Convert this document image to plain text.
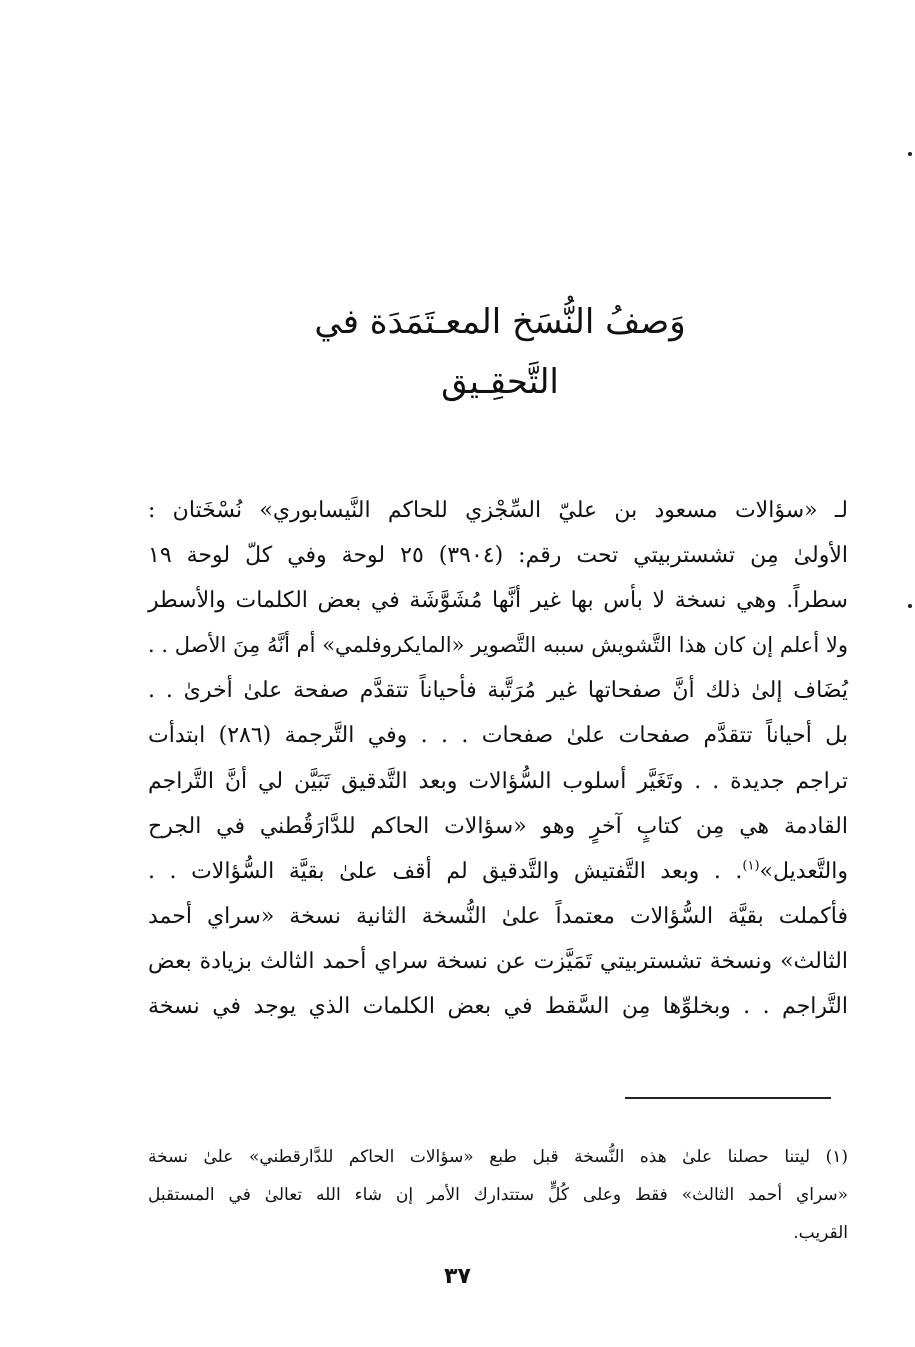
وَصفُ النُّسَخ المعـتَمَدَة في التَّحقِـيق
لـ «سؤالات مسعود بن عليّ السِّجْزي للحاكم النَّيسابوري» نُسْخَتان :
الأولىٰ مِن تشستربيتي تحت رقم: (٣٩٠٤) ٢٥ لوحة وفي كلّ لوحة ١٩
سطراً. وهي نسخة لا بأس بها غير أنَّها مُشَوَّشَة في بعض الكلمات والأسطر
ولا أعلم إن كان هذا التَّشويش سببه التَّصوير «المايكروفلمي» أم أنَّهُ مِنَ الأصل . .
يُضَاف إلىٰ ذلك أنَّ صفحاتها غير مُرَتَّبة فأحياناً تتقدَّم صفحة علىٰ أخرىٰ . .
بل أحياناً تتقدَّم صفحات علىٰ صفحات . . . وفي التَّرجمة (٢٨٦) ابتدأت
تراجم جديدة . . وتَغَيَّر أسلوب السُّؤالات وبعد التَّدقيق تَبَيَّن لي أنَّ التَّراجم
القادمة هي مِن كتابٍ آخرٍ وهو «سؤالات الحاكم للدَّارَقُطني في الجرح
والتَّعديل»$^{(١)}$. . وبعد التَّفتيش والتَّدقيق لم أقف علىٰ بقيَّة السُّؤالات . .
فأكملت بقيَّة السُّؤالات معتمداً علىٰ النُّسخة الثانية نسخة «سراي أحمد
الثالث» ونسخة تشستربيتي تَمَيَّزت عن نسخة سراي أحمد الثالث بزيادة بعض
التَّراجم . . وبخلوِّها مِن السَّقط في بعض الكلمات الذي يوجد في نسخة
(١) ليتنا حصلنا علىٰ هذه النُّسخة قبل طبع «سؤالات الحاكم للدَّارقطني» علىٰ نسخة
«سراي أحمد الثالث» فقط وعلى كُلٍّ ستتدارك الأمر إن شاء الله تعالىٰ في المستقبل
القريب.
٣٧
